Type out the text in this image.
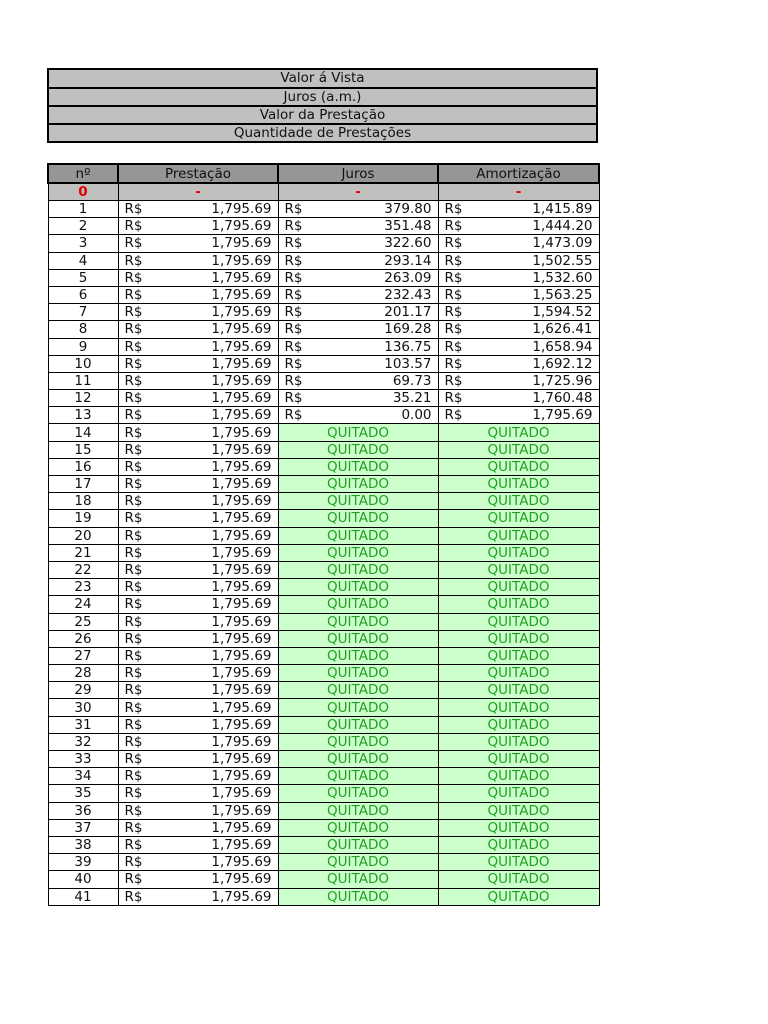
Valor á Vista
Juros (a.m.)
Valor da Prestação
Quantidade de Prestações
nº	Prestação	Juros	Amortização
0	-	-	-
1	R$ 1,795.69	R$ 379.80	R$ 1,415.89

2	R$ 1,795.69	R$ 351.48	R$ 1,444.20

3	R$ 1,795.69	R$ 322.60	R$ 1,473.09

4	R$ 1,795.69	R$ 293.14	R$ 1,502.55

5	R$ 1,795.69	R$ 263.09	R$ 1,532.60

6	R$ 1,795.69	R$ 232.43	R$ 1,563.25

7	R$ 1,795.69	R$ 201.17	R$ 1,594.52

8	R$ 1,795.69	R$ 169.28	R$ 1,626.41

9	R$ 1,795.69	R$ 136.75	R$ 1,658.94

10	R$ 1,795.69	R$ 103.57	R$ 1,692.12

11	R$ 1,795.69	R$ 69.73	R$ 1,725.96

12	R$ 1,795.69	R$ 35.21	R$ 1,760.48

13	R$ 1,795.69	R$ 0.00	R$ 1,795.69

14	R$ 1,795.69	QUITADO	QUITADO
15	R$ 1,795.69	QUITADO	QUITADO
16	R$ 1,795.69	QUITADO	QUITADO
17	R$ 1,795.69	QUITADO	QUITADO
18	R$ 1,795.69	QUITADO	QUITADO
19	R$ 1,795.69	QUITADO	QUITADO
20	R$ 1,795.69	QUITADO	QUITADO
21	R$ 1,795.69	QUITADO	QUITADO
22	R$ 1,795.69	QUITADO	QUITADO
23	R$ 1,795.69	QUITADO	QUITADO
24	R$ 1,795.69	QUITADO	QUITADO
25	R$ 1,795.69	QUITADO	QUITADO
26	R$ 1,795.69	QUITADO	QUITADO
27	R$ 1,795.69	QUITADO	QUITADO
28	R$ 1,795.69	QUITADO	QUITADO
29	R$ 1,795.69	QUITADO	QUITADO
30	R$ 1,795.69	QUITADO	QUITADO
31	R$ 1,795.69	QUITADO	QUITADO
32	R$ 1,795.69	QUITADO	QUITADO
33	R$ 1,795.69	QUITADO	QUITADO
34	R$ 1,795.69	QUITADO	QUITADO
35	R$ 1,795.69	QUITADO	QUITADO
36	R$ 1,795.69	QUITADO	QUITADO
37	R$ 1,795.69	QUITADO	QUITADO
38	R$ 1,795.69	QUITADO	QUITADO
39	R$ 1,795.69	QUITADO	QUITADO
40	R$ 1,795.69	QUITADO	QUITADO
41	R$ 1,795.69	QUITADO	QUITADO
